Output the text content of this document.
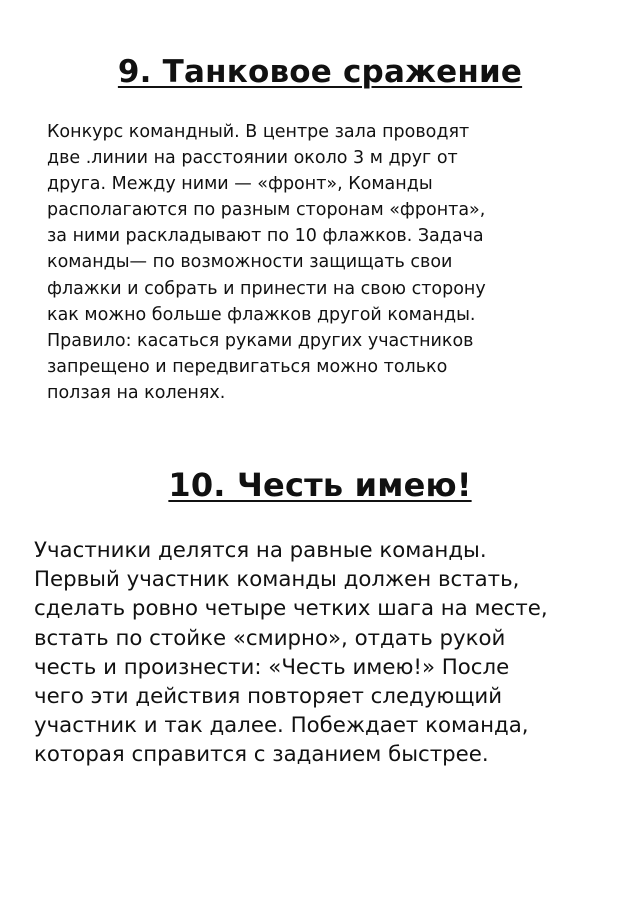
9. Танковое сражение

Конкурс командный. В центре зала проводят
две .линии на расстоянии около 3 м друг от
друга. Между ними — «фронт», Команды
располагаются по разным сторонам «фронта»,
за ними раскладывают по 10 флажков. Задача
команды— по возможности защищать свои
флажки и собрать и принести на свою сторону
как можно больше флажков другой команды.
Правило: касаться руками других участников
запрещено и передвигаться можно только
ползая на коленях.

10. Честь имею!

Участники делятся на равные команды.
Первый участник команды должен встать,
сделать ровно четыре четких шага на месте,
встать по стойке «смирно», отдать рукой
честь и произнести: «Честь имею!» После
чего эти действия повторяет следующий
участник и так далее. Побеждает команда,
которая справится с заданием быстрее.
